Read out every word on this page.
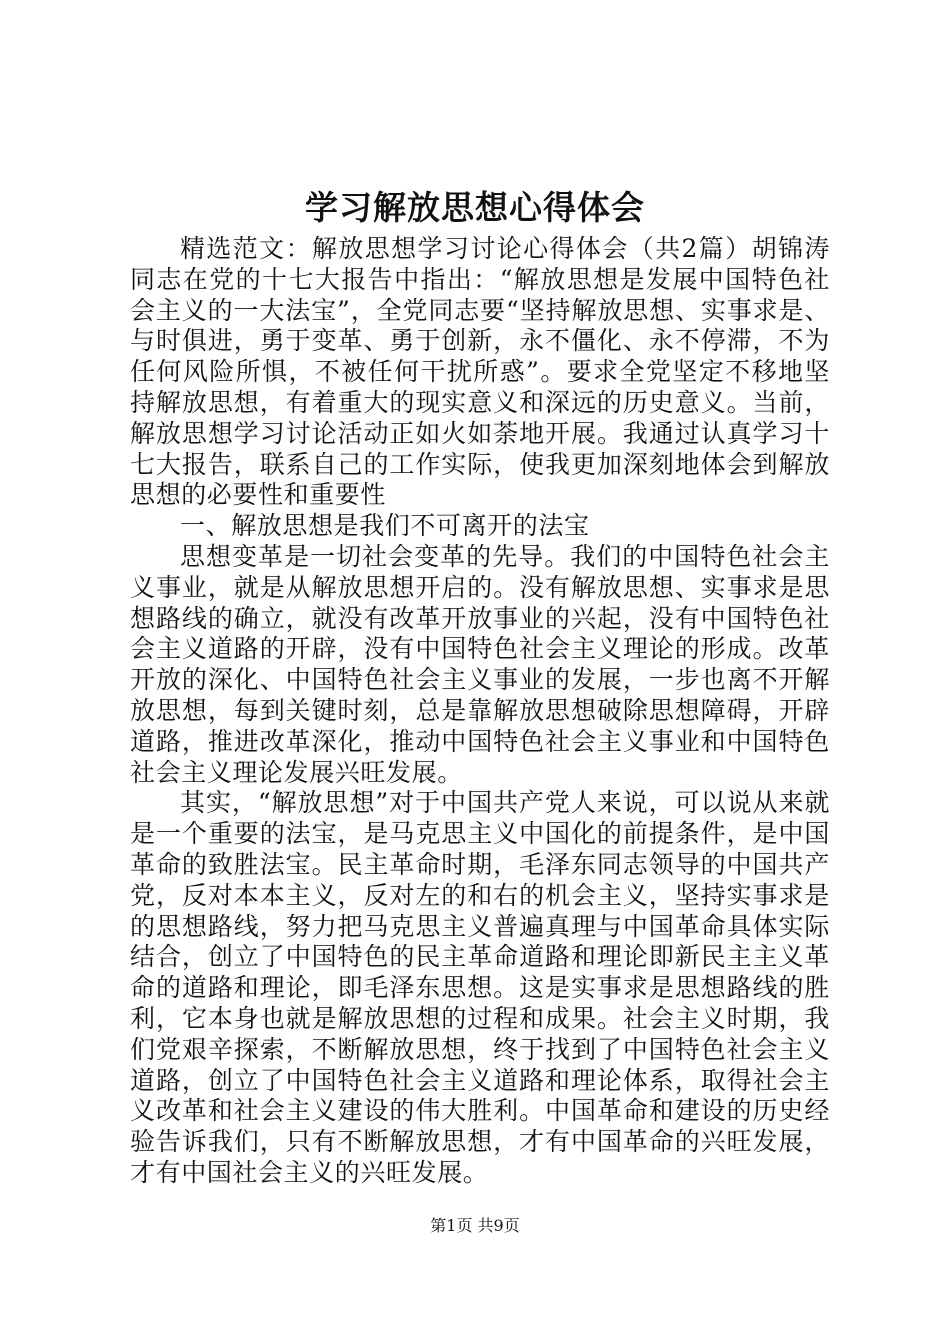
学习解放思想心得体会

精选范文：解放思想学习讨论心得体会（共2篇）胡锦涛同志在党的十七大报告中指出：“解放思想是发展中国特色社会主义的一大法宝”，全党同志要“坚持解放思想、实事求是、与时俱进，勇于变革、勇于创新，永不僵化、永不停滞，不为任何风险所惧，不被任何干扰所惑”。要求全党坚定不移地坚持解放思想，有着重大的现实意义和深远的历史意义。当前，解放思想学习讨论活动正如火如荼地开展。我通过认真学习十七大报告，联系自己的工作实际，使我更加深刻地体会到解放思想的必要性和重要性

一、解放思想是我们不可离开的法宝

思想变革是一切社会变革的先导。我们的中国特色社会主义事业，就是从解放思想开启的。没有解放思想、实事求是思想路线的确立，就没有改革开放事业的兴起，没有中国特色社会主义道路的开辟，没有中国特色社会主义理论的形成。改革开放的深化、中国特色社会主义事业的发展，一步也离不开解放思想，每到关键时刻，总是靠解放思想破除思想障碍，开辟道路，推进改革深化，推动中国特色社会主义事业和中国特色社会主义理论发展兴旺发展。

其实，“解放思想”对于中国共产党人来说，可以说从来就是一个重要的法宝，是马克思主义中国化的前提条件，是中国革命的致胜法宝。民主革命时期，毛泽东同志领导的中国共产党，反对本本主义，反对左的和右的机会主义，坚持实事求是的思想路线，努力把马克思主义普遍真理与中国革命具体实际结合，创立了中国特色的民主革命道路和理论即新民主主义革命的道路和理论，即毛泽东思想。这是实事求是思想路线的胜利，它本身也就是解放思想的过程和成果。社会主义时期，我们党艰辛探索，不断解放思想，终于找到了中国特色社会主义道路，创立了中国特色社会主义道路和理论体系，取得社会主义改革和社会主义建设的伟大胜利。中国革命和建设的历史经验告诉我们，只有不断解放思想，才有中国革命的兴旺发展，才有中国社会主义的兴旺发展。

第1页 共9页
